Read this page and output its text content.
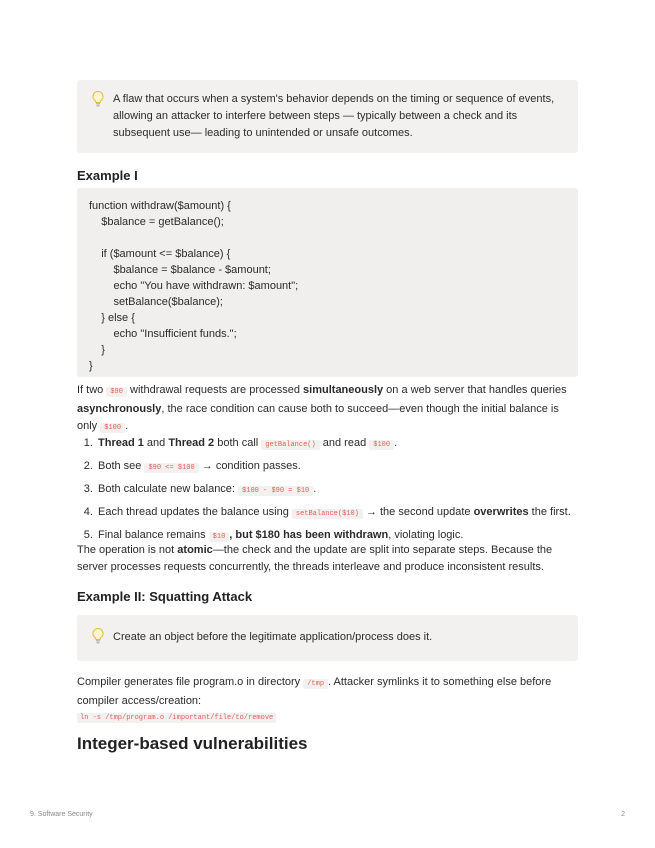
A flaw that occurs when a system's behavior depends on the timing or sequence of events, allowing an attacker to interfere between steps — typically between a check and its subsequent use— leading to unintended or unsafe outcomes.
Example I
function withdraw($amount) {
$balance = getBalance();

if ($amount <= $balance) {
$balance = $balance - $amount;
echo "You have withdrawn: $amount";
setBalance($balance);
} else {
echo "Insufficient funds.";
}
}

If two $90 withdrawal requests are processed simultaneously on a web server that handles queries asynchronously, the race condition can cause both to succeed—even though the initial balance is only $100 .

1. Thread 1 and Thread 2 both call getBalance() and read $100 .
2. Both see $90 <= $100 → condition passes.
3. Both calculate new balance: $100 - $90 = $10 .
4. Each thread updates the balance using setBalance($10) → the second update overwrites the first.
5. Final balance remains $10 , but $180 has been withdrawn, violating logic.

The operation is not atomic—the check and the update are split into separate steps. Because the server processes requests concurrently, the threads interleave and produce inconsistent results.

Example II: Squatting Attack
Create an object before the legitimate application/process does it.

Compiler generates file program.o in directory /tmp . Attacker symlinks it to something else before compiler access/creation:

ln -s /tmp/program.o /important/file/to/remove
Integer-based vulnerabilities
9. Software Security	2
